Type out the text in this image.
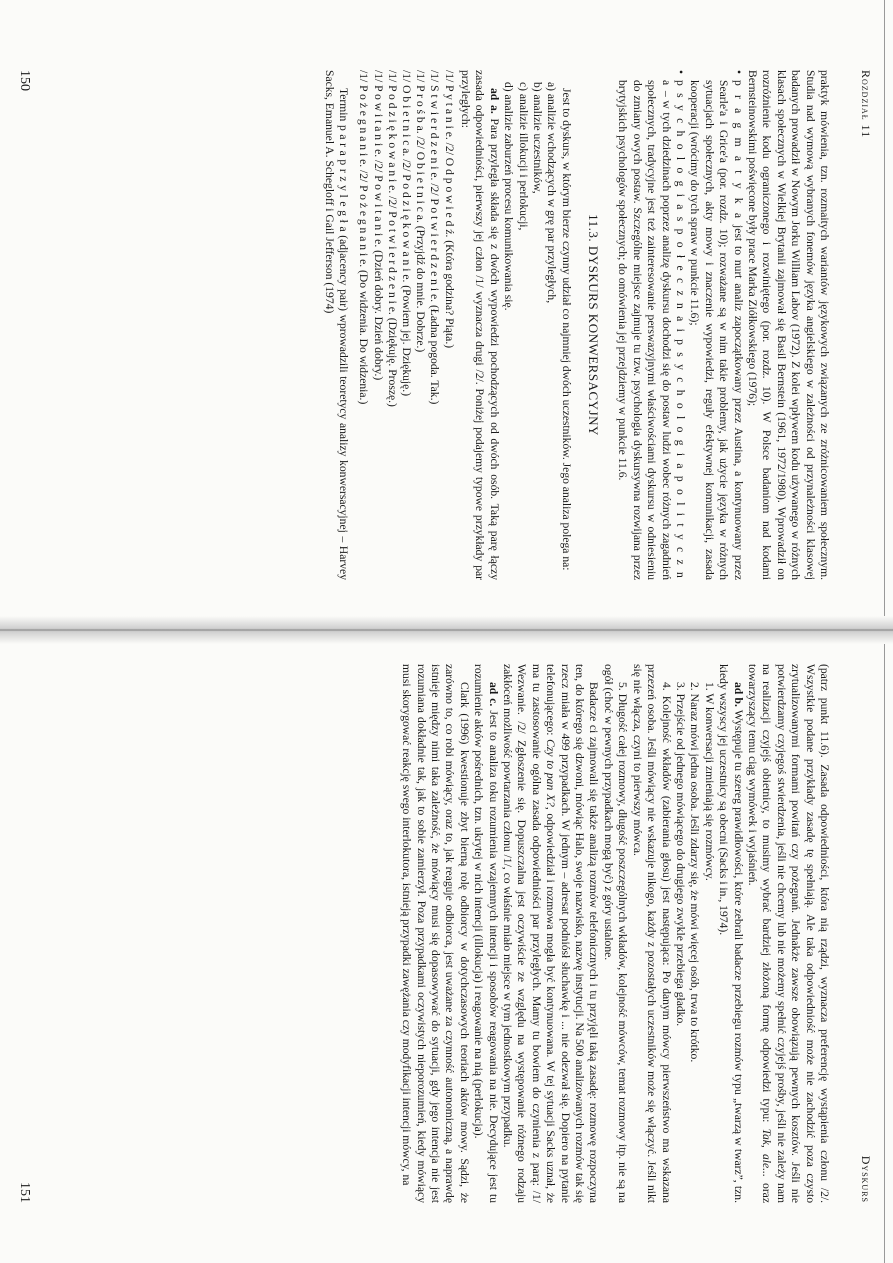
Rozdział 11

praktyk mówienia, tzn. rozmaitych wariantów językowych związanych ze zróżnicowaniem społecznym. Studia nad wymową wybranych fonemów języka angielskiego w zależności od przynależności klasowej badanych prowadził w Nowym Jorku William Labov (1972). Z kolei wpływem kodu używanego w różnych klasach społecznych w Wielkiej Brytanii zajmował się Basil Bernstein (1961, 1972/1980). Wprowadził on rozróżnienie kodu ograniczonego i rozwiniętego (por. rozdz. 10). W Polsce badaniom nad kodami Bernsteinowskimi poświęcone były prace Marka Ziółkowskiego (1976);

• p r a g m a t y k a jest to nurt analiz zapoczątkowany przez Austina, a kontynuowany przez Searle'a i Grice'a (por. rozdz. 10); rozważane są w nim takie problemy, jak użycie języka w różnych sytuacjach społecznych, akty mowy i znaczenie wypowiedzi, reguły efektywnej komunikacji, zasada kooperacji (wrócimy do tych spraw w punkcie 11.6);

• p s y c h o l o g i a s p o ł e c z n a i p s y c h o l o g i a p o l i t y c z n a – w tych dziedzinach poprzez analizę dyskursu dochodzi się do postaw ludzi wobec różnych zagadnień społecznych, tradycyjne jest też zainteresowanie perswazyjnymi właściwościami dyskursu w odniesieniu do zmiany owych postaw. Szczególne miejsce zajmuje tu tzw. psychologia dyskursywna rozwijana przez brytyjskich psychologów społecznych; do omówienia jej przejdziemy w punkcie 11.6.

11.3. DYSKURS KONWERSACYJNY

Jest to dyskurs, w którym bierze czynny udział co najmniej dwóch uczestników. Jego analiza polega na:

a) analizie wchodzących w grę par przyległych,

b) analizie uczestników,

c) analizie illokucji i perlokucji,

d) analizie zaburzeń procesu komunikowania się.

ad a. Para przyległa składa się z dwóch wypowiedzi pochodzących od dwóch osób. Taką parę łączy zasada odpowiedniości, pierwszy jej człon /1/ wyznacza drugi /2/. Poniżej podajemy typowe przykłady par przyległych:

/1/ P y t a n i e. /2/ O d p o w i e d ź. (Która godzina? Piąta.)

/1/ S t w i e r d z e n i e. /2/ P o t w i e r d z e n i e. (Ładna pogoda. Tak.)

/1/ P r o ś b a. /2/ O b i e t n i c a. (Przyjdź do mnie. Dobrze.)

/1/ O b i e t n i c a. /2/ P o d z i ę k o w a n i e. (Powiem jej. Dziękuję.)

/1/ P o d z i ę k o w a n i e. /2/ P o t w i e r d z e n i e. (Dziękuję. Proszę.)

/1/ P o w i t a n i e. /2/ P o w i t a n i e. (Dzień dobry. Dzień dobry.)

/1/ P o ż e g n a n i e. /2/ P o ż e g n a n i e. (Do widzenia. Do widzenia.)

Termin p a r a p r z y l e g ł a (adjacency pair) wprowadzili teoretycy analizy konwersacyjnej – Harvey Sacks, Emanuel A. Schegloff i Gail Jefferson (1974)

150
Dyskurs

(patrz punkt 11.6). Zasada odpowiedniości, która nią rządzi, wyznacza preferencję wystąpienia członu /2/. Wszystkie podane przykłady zasadę tę spełniają. Ale taka odpowiedniość może nie zachodzić poza czysto zrytualizowanymi formami powitań czy pożegnań. Jednakże zawsze obowiązują pewnych kosztów. Jeśli nie potwierdzamy czyjegoś stwierdzenia, jeśli nie chcemy lub nie możemy spełnić czyjejś prośby, jeśli nie zależy nam na realizacji czyjejś obietnicy, to musimy wybrać bardziej złożoną formę odpowiedzi typu: Tak, ale... oraz towarzyszący temu ciąg wymówek i wyjaśnień.

ad b. Występuje tu szereg prawidłowości, które zebrali badacze przebiegu rozmów typu „twarzą w twarz”, tzn. kiedy wszyscy jej uczestnicy są obecni (Sacks i in., 1974).

1. W konwersacji zmieniają się rozmówcy.

2. Naraz mówi jedna osoba. Jeśli zdarzy się, że mówi więcej osób, trwa to krótko.

3. Przejście od jednego mówiącego do drugiego zwykle przebiega gładko.

4. Kolejność wkładów (zabierania głosu) jest następująca: Po danym mówcy pierwszeństwo ma wskazana przezeń osoba. Jeśli mówiący nie wskazuje nikogo, każdy z pozostałych uczestników może się włączyć. Jeśli nikt się nie włącza, czyni to pierwszy mówca.

5. Długość całej rozmowy, długość poszczególnych wkładów, kolejność mówców, temat rozmowy itp. nie są na ogół (choć w pewnych przypadkach mogą być) z góry ustalone.

Badacze ci zajmowali się także analizą rozmów telefonicznych i tu przyjęli taką zasadę: rozmowę rozpoczyna ten, do którego się dzwoni, mówiąc Halo, swoje nazwisko, nazwę instytucji. Na 500 analizowanych rozmów tak się rzecz miała w 499 przypadkach. W jednym – adresat podniósł słuchawkę i ... nie odezwał się. Dopiero na pytanie telefonującego: Czy to pan X?, odpowiedział i rozmowa mogła być kontynuowana. W tej sytuacji Sacks uznał, że ma tu zastosowanie ogólna zasada odpowiedniości par przyległych. Mamy tu bowiem do czynienia z parą: /1/ Wezwanie. /2/ Zgłoszenie się. Dopuszczalna jest oczywiście ze względu na występowanie różnego rodzaju zakłóceń możliwość powtarzania członu /1/, co właśnie miało miejsce w tym jednostkowym przypadku.

ad c. Jest to analiza toku rozumienia wzajemnych intencji i sposobów reagowania na nie. Decydujące jest tu rozumienie aktów pośrednich, tzn. ukrytej w nich intencji (illokucja) i reagowanie na nią (perlokucja).

Clark (1996) kwestionuje zbyt bierną rolę odbiorcy w dotychczasowych teoriach aktów mowy. Sądzi, że zarówno to, co robi mówiący, oraz to, jak reaguje odbiorca, jest uważane za czynność autonomiczną, a naprawdę istnieje między nimi taka zależność, że mówiący musi się dopasowywać do sytuacji, gdy jego intencja nie jest rozumiana dokładnie tak, jak to sobie zamierzył. Poza przypadkami oczywistych nieporozumień, kiedy mówiący musi skorygować reakcję swego interlokutora, istnieją przypadki zawężania czy modyfikacji intencji mówcy, na

151
